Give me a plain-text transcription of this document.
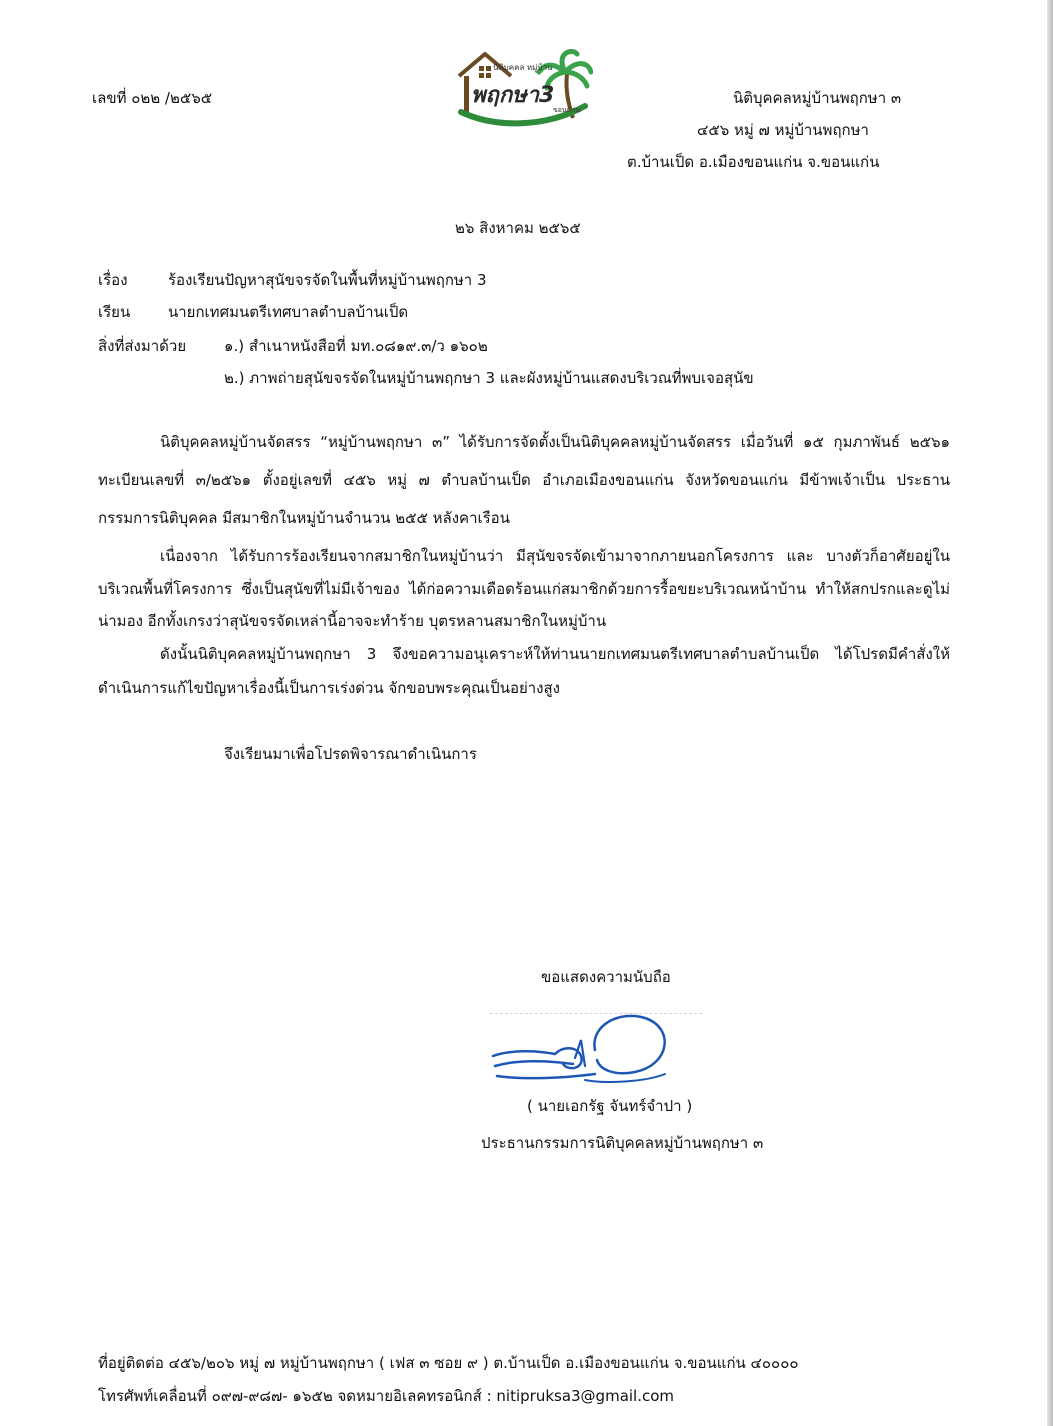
เลขที่ ๐๒๒ /๒๕๖๕
นิติบุคคล หมู่บ้าน
พฤกษา3
ขอนแก่น
นิติบุคคลหมู่บ้านพฤกษา ๓
๔๕๖ หมู่ ๗ หมู่บ้านพฤกษา
ต.บ้านเป็ด อ.เมืองขอนแก่น จ.ขอนแก่น
๒๖ สิงหาคม ๒๕๖๕
เรื่อง	ร้องเรียนปัญหาสุนัขจรจัดในพื้นที่หมู่บ้านพฤกษา 3
เรียน	นายกเทศมนตรีเทศบาลตำบลบ้านเป็ด
สิ่งที่ส่งมาด้วย	๑.) สำเนาหนังสือที่ มท.๐๘๑๙.๓/ว ๑๖๐๒
๒.) ภาพถ่ายสุนัขจรจัดในหมู่บ้านพฤกษา 3 และผังหมู่บ้านแสดงบริเวณที่พบเจอสุนัข
นิติบุคคลหมู่บ้านจัดสรร “หมู่บ้านพฤกษา ๓” ได้รับการจัดตั้งเป็นนิติบุคคลหมู่บ้านจัดสรร เมื่อวันที่ ๑๕ กุมภาพันธ์ ๒๕๖๑
ทะเบียนเลขที่ ๓/๒๕๖๑ ตั้งอยู่เลขที่ ๔๕๖ หมู่ ๗ ตำบลบ้านเป็ด อำเภอเมืองขอนแก่น จังหวัดขอนแก่น มีข้าพเจ้าเป็น ประธาน
กรรมการนิติบุคคล มีสมาชิกในหมู่บ้านจำนวน ๒๕๕ หลังคาเรือน
เนื่องจาก ได้รับการร้องเรียนจากสมาชิกในหมู่บ้านว่า มีสุนัขจรจัดเข้ามาจากภายนอกโครงการ และ บางตัวก็อาศัยอยู่ใน
บริเวณพื้นที่โครงการ ซึ่งเป็นสุนัขที่ไม่มีเจ้าของ ได้ก่อความเดือดร้อนแก่สมาชิกด้วยการรื้อขยะบริเวณหน้าบ้าน ทำให้สกปรกและดูไม่
น่ามอง อีกทั้งเกรงว่าสุนัขจรจัดเหล่านี้อาจจะทำร้าย บุตรหลานสมาชิกในหมู่บ้าน
ดังนั้นนิติบุคคลหมู่บ้านพฤกษา 3 จึงขอความอนุเคราะห์ให้ท่านนายกเทศมนตรีเทศบาลตำบลบ้านเป็ด ได้โปรดมีคำสั่งให้
ดำเนินการแก้ไขปัญหาเรื่องนี้เป็นการเร่งด่วน จักขอบพระคุณเป็นอย่างสูง
จึงเรียนมาเพื่อโปรดพิจารณาดำเนินการ
ขอแสดงความนับถือ
( นายเอกรัฐ จันทร์จำปา )
ประธานกรรมการนิติบุคคลหมู่บ้านพฤกษา ๓
ที่อยู่ติดต่อ ๔๕๖/๒๐๖ หมู่ ๗ หมู่บ้านพฤกษา ( เฟส ๓ ซอย ๙ ) ต.บ้านเป็ด อ.เมืองขอนแก่น จ.ขอนแก่น ๔๐๐๐๐
โทรศัพท์เคลื่อนที่ ๐๙๗-๙๘๗- ๑๖๕๒ จดหมายอิเลคทรอนิกส์ : nitipruksa3@gmail.com
